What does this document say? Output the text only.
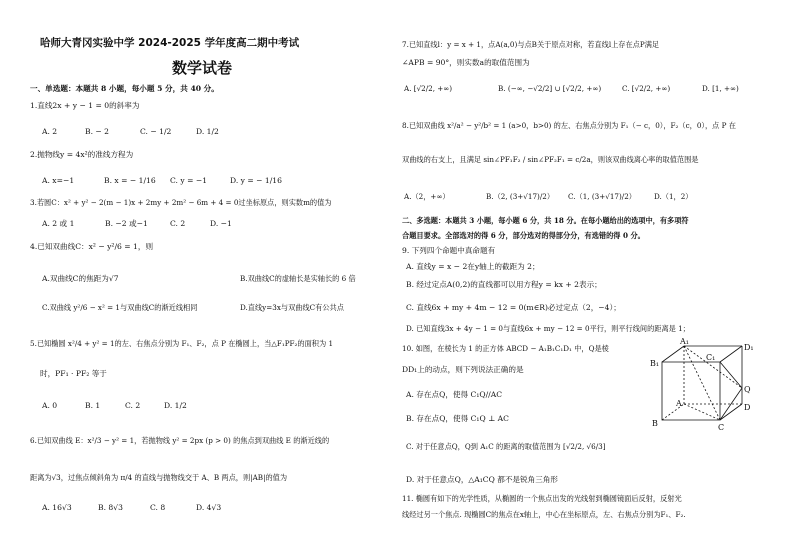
哈师大青冈实验中学 2024-2025 学年度高二期中考试
数学试卷
一、单选题：本题共 8 小题，每小题 5 分，共 40 分。
1.直线2x + y − 1 = 0的斜率为
A. 2	B. − 2	C. − 1/2	D. 1/2
2.抛物线y = 4x²的准线方程为
A. x=−1	B. x = − 1/16 C. y = −1	D. y = − 1/16
3.若圆C：x² + y² − 2(m − 1)x + 2my + 2m² − 6m + 4 = 0过坐标原点，则实数m的值为
A. 2 或 1	B. −2 或−1	C. 2	D. −1
4.已知双曲线C：x² − y²/6 = 1，则
A.双曲线C的焦距为√7	B.双曲线C的虚轴长是实轴长的 6 倍
C.双曲线 y²/6 − x² = 1与双曲线C的渐近线相同	D.直线y=3x与双曲线C有公共点
5.已知椭圆 x²/4 + y² = 1的左、右焦点分别为 F₁、F₂，点 P 在椭圆上，当△F₁PF₂的面积为 1
时，PF₁ · PF₂ 等于
A. 0	B. 1	C. 2	D. 1/2
6.已知双曲线 E：x²/3 − y² = 1，若抛物线 y² = 2px (p > 0) 的焦点到双曲线 E 的渐近线的
距离为√3，过焦点倾斜角为 π/4 的直线与抛物线交于 A、B 两点，则|AB|的值为
A. 16√3	B. 8√3	C. 8	D. 4√3
7.已知直线l：y = x + 1，点A(a,0)与点B关于原点对称，若直线l上存在点P满足
∠APB = 90°，则实数a的取值范围为
A. [√2/2, +∞)	B. (−∞, −√2/2] ∪ [√2/2, +∞)	C. [√2/2, +∞)	D. [1, +∞)
8.已知双曲线 x²/a² − y²/b² = 1 (a>0，b>0) 的左、右焦点分别为 F₁（− c，0），F₂（c，0），点 P 在
双曲线的右支上，且满足 sin∠PF₁F₂ / sin∠PF₂F₁ = c/2a，则该双曲线离心率的取值范围是
A.（2，+∞）	B.（2, (3+√17)/2） C.（1, (3+√17)/2）	D.（1，2）
二、多选题：本题共 3 小题，每小题 6 分，共 18 分。在每小题给出的选项中，有多项符
合题目要求。全部选对的得 6 分，部分选对的得部分分，有选错的得 0 分。
9. 下列四个命题中真命题有
A. 直线y = x − 2在y轴上的截距为 2；
B. 经过定点A(0,2)的直线都可以用方程y = kx + 2表示；
C. 直线6x + my + 4m − 12 = 0(m∈R)必过定点（2，−4）；
D. 已知直线3x + 4y − 1 = 0与直线6x + my − 12 = 0平行，则平行线间的距离是 1；
10. 如图，在棱长为 1 的正方体 ABCD − A₁B₁C₁D₁ 中，Q是棱
DD₁上的动点，则下列说法正确的是
A. 存在点Q，使得 C₁Q//AC
B. 存在点Q，使得 C₁Q ⊥ AC
C. 对于任意点Q，Q到 A₁C 的距离的取值范围为 [√2/2, √6/3]
D. 对于任意点Q，△A₁CQ 都不是锐角三角形
11. 椭圆有如下的光学性质，从椭圆的一个焦点出发的光线射到椭圆镜面后反射，反射光
线经过另一个焦点. 现椭圆C的焦点在x轴上，中心在坐标原点，左、右焦点分别为F₁、F₂.
A₁
D₁
B₁
C₁
Q
A	D
B	C
